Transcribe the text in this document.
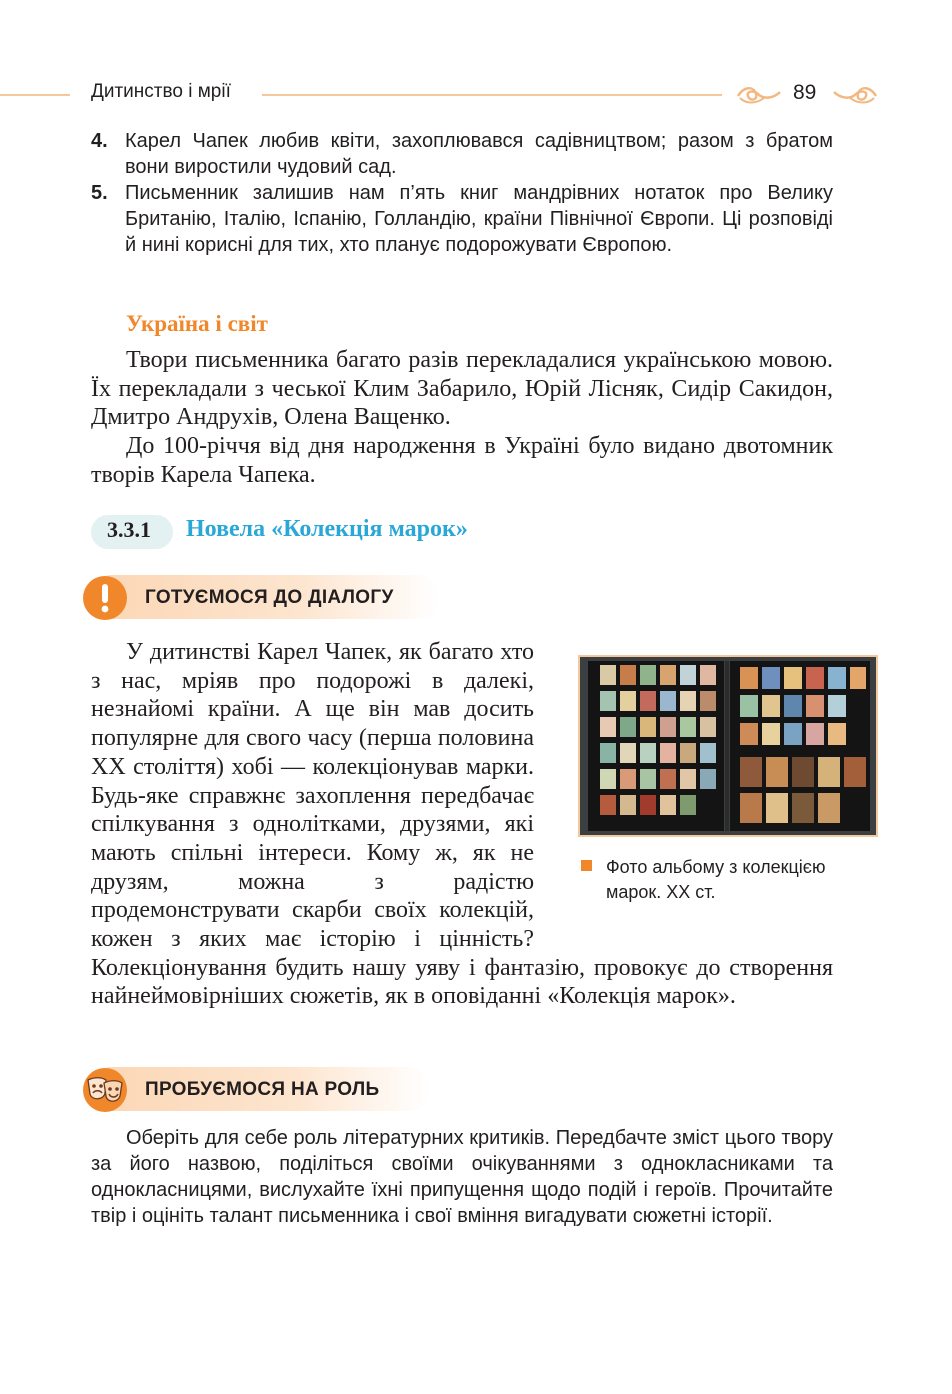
Дитинство і мрії	89
4. Карел Чапек любив квіти, захоплювався садівництвом; разом з братом вони виростили чудовий сад.
5. Письменник залишив нам п’ять книг мандрівних нотаток про Велику Британію, Італію, Іспанію, Голландію, країни Північної Європи. Ці розповіді й нині корисні для тих, хто планує подорожувати Європою.
Україна і світ

Твори письменника багато разів перекладалися українською мовою. Їх перекладали з чеської Клим Забарило, Юрій Лісняк, Сидір Сакидон, Дмитро Андрухів, Олена Ващенко.

До 100-річчя від дня народження в Україні було видано двотомник творів Карела Чапека.

3.3.1 Новела «Колекція марок»
ГОТУЄМОСЯ ДО ДІАЛОГУ

У дитинстві Карел Чапек, як багато хто з нас, мріяв про подорожі в далекі, незнайомі країни. А ще він мав досить популярне для свого часу (перша половина XX століття) хобі — колекціонував марки. Будь-яке справжнє захоплення передбачає спілкування з однолітками, друзями, які мають спільні інтереси. Кому ж, як не друзям, можна з радістю продемонструвати скарби своїх колекцій, кожен з яких має історію і цінність? Колекціонування будить нашу уяву і фантазію, провокує до створення найнеймовірніших сюжетів, як в оповіданні «Колекція марок».

Фото альбому з колекцією марок. XX ст.
ПРОБУЄМОСЯ НА РОЛЬ

Оберіть для себе роль літературних критиків. Передбачте зміст цього твору за його назвою, поділіться своїми очікуваннями з однокласниками та однокласницями, вислухайте їхні припущення щодо подій і героїв. Прочитайте твір і оцініть талант письменника і свої вміння вигадувати сюжетні історії.
